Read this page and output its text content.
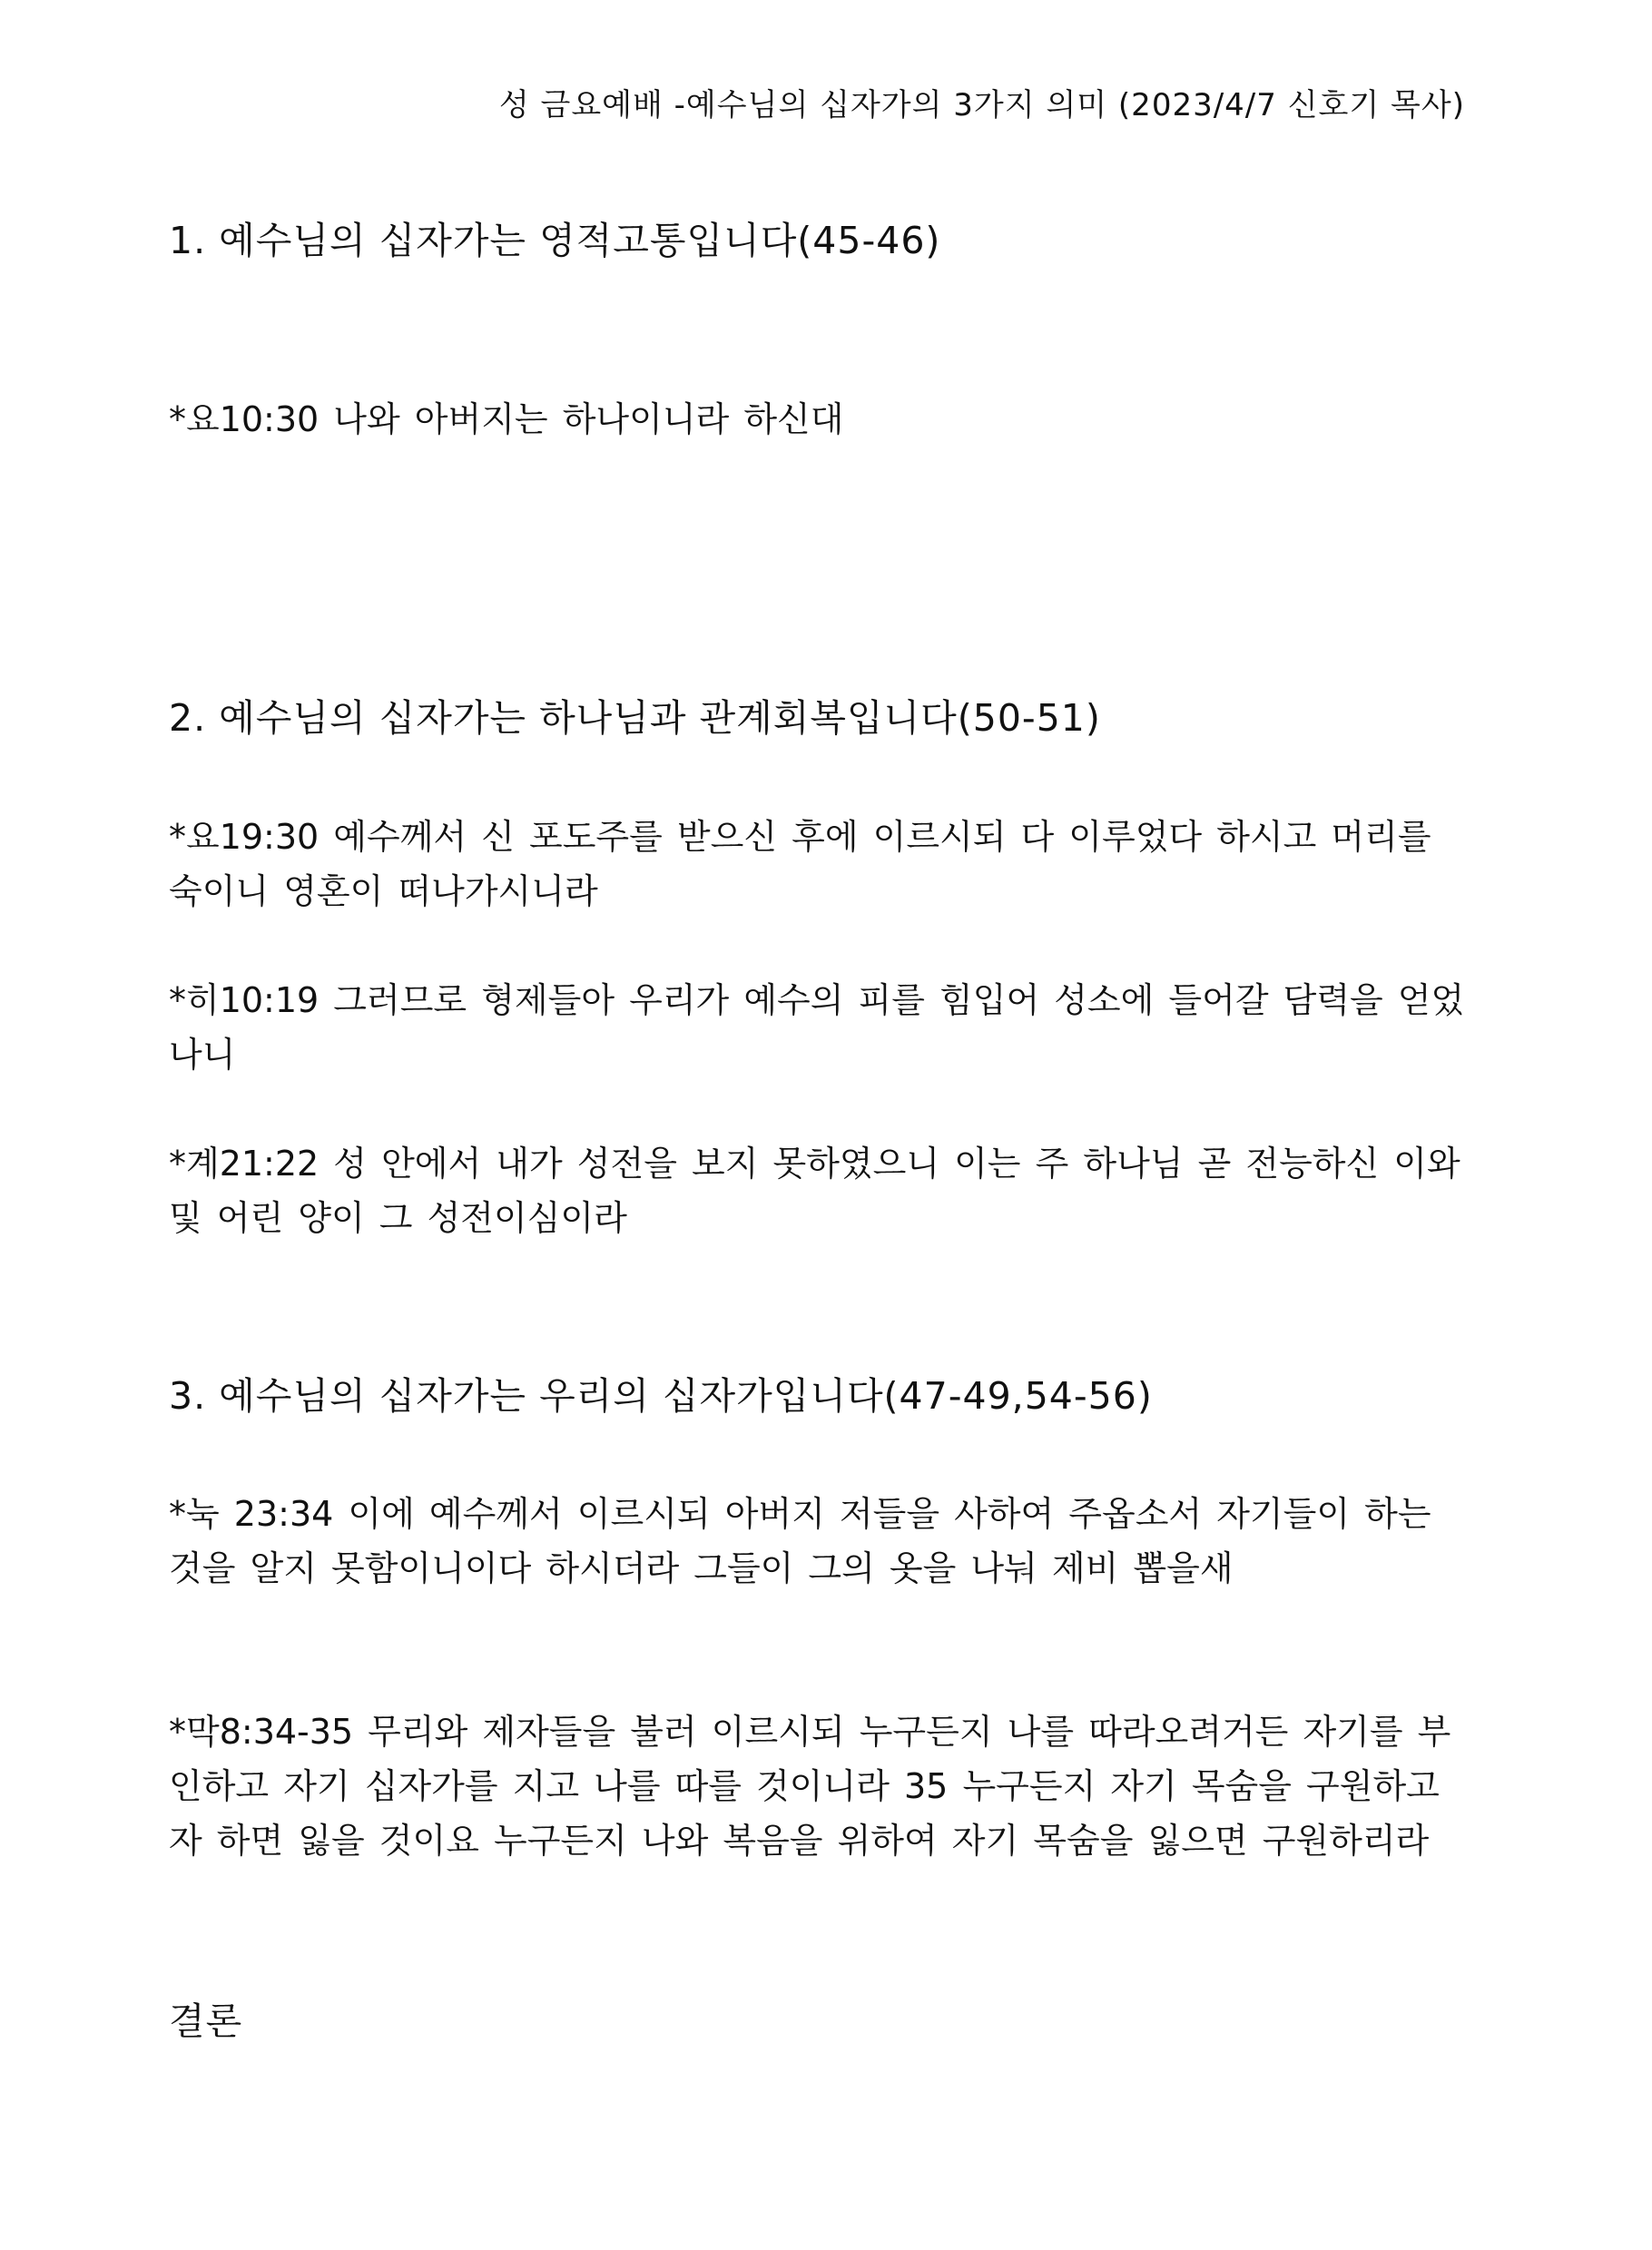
성 금요예배 -예수님의 십자가의 3가지 의미 (2023/4/7 신호기 목사)
1. 예수님의 십자가는 영적고통입니다(45-46)
*요10:30 나와 아버지는 하나이니라 하신대
2. 예수님의 십자가는 하나님과 관계회복입니다(50-51)
*요19:30 예수께서 신 포도주를 받으신 후에 이르시되 다 이루었다 하시고 머리를
숙이니 영혼이 떠나가시니라
*히10:19 그러므로 형제들아 우리가 예수의 피를 힘입어 성소에 들어갈 담력을 얻었
나니
*계21:22 성 안에서 내가 성전을 보지 못하였으니 이는 주 하나님 곧 전능하신 이와
및 어린 양이 그 성전이심이라
3. 예수님의 십자가는 우리의 십자가입니다(47-49,54-56)
*눅 23:34 이에 예수께서 이르시되 아버지 저들을 사하여 주옵소서 자기들이 하는
것을 알지 못함이니이다 하시더라 그들이 그의 옷을 나눠 제비 뽑을새
*막8:34-35 무리와 제자들을 불러 이르시되 누구든지 나를 따라오려거든 자기를 부
인하고 자기 십자가를 지고 나를 따를 것이니라 35 누구든지 자기 목숨을 구원하고
자 하면 잃을 것이요 누구든지 나와 복음을 위하여 자기 목숨을 잃으면 구원하리라
결론
